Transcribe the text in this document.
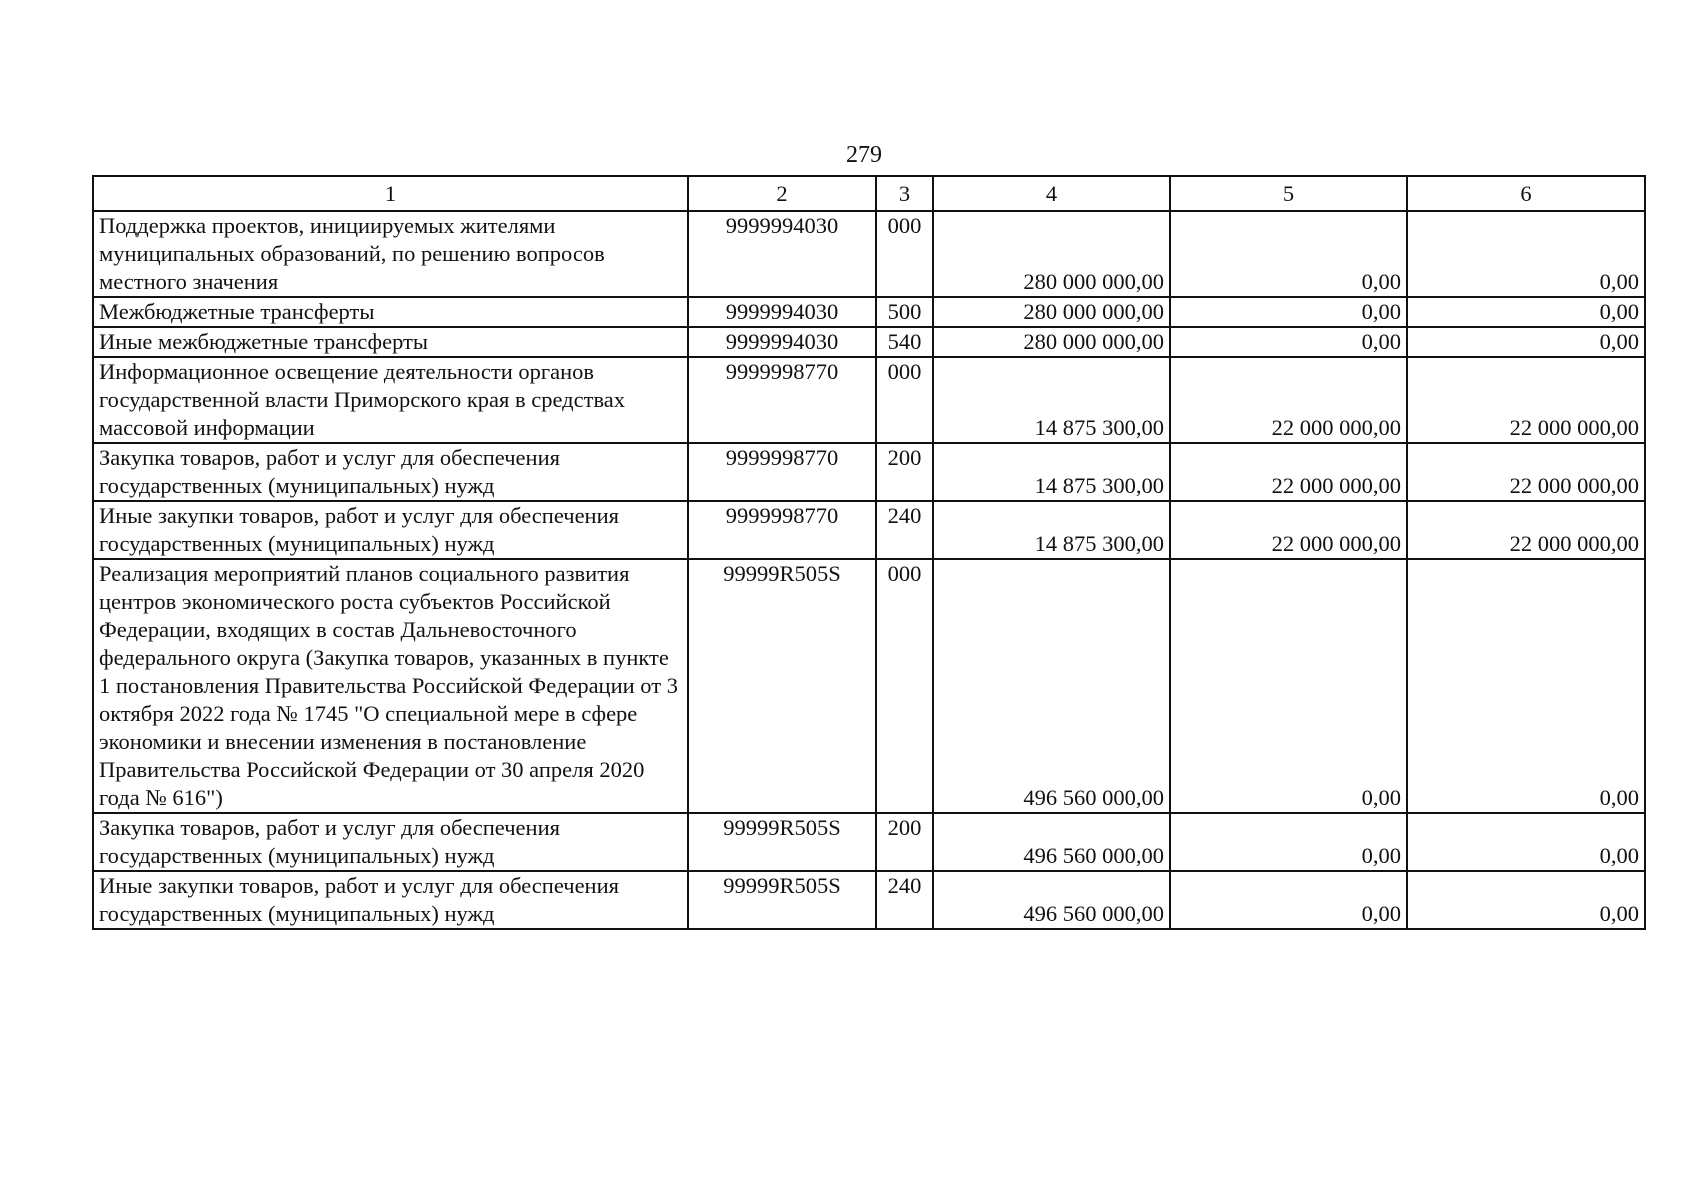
279
1	2	3	4	5	6
Поддержка проектов, инициируемых жителями муниципальных образований, по решению вопросов местного значения	9999994030	000	280 000 000,00	0,00	0,00
Межбюджетные трансферты	9999994030	500	280 000 000,00	0,00	0,00
Иные межбюджетные трансферты	9999994030	540	280 000 000,00	0,00	0,00
Информационное освещение деятельности органов государственной власти Приморского края в средствах массовой информации	9999998770	000	14 875 300,00	22 000 000,00	22 000 000,00
Закупка товаров, работ и услуг для обеспечения государственных (муниципальных) нужд	9999998770	200	14 875 300,00	22 000 000,00	22 000 000,00
Иные закупки товаров, работ и услуг для обеспечения государственных (муниципальных) нужд	9999998770	240	14 875 300,00	22 000 000,00	22 000 000,00
Реализация мероприятий планов социального развития центров экономического роста субъектов Российской Федерации, входящих в состав Дальневосточного федерального округа (Закупка товаров, указанных в пункте 1 постановления Правительства Российской Федерации от 3 октября 2022 года № 1745 "О специальной мере в сфере экономики и внесении изменения в постановление Правительства Российской Федерации от 30 апреля 2020 года № 616")	99999R505S	000	496 560 000,00	0,00	0,00
Закупка товаров, работ и услуг для обеспечения государственных (муниципальных) нужд	99999R505S	200	496 560 000,00	0,00	0,00
Иные закупки товаров, работ и услуг для обеспечения государственных (муниципальных) нужд	99999R505S	240	496 560 000,00	0,00	0,00
